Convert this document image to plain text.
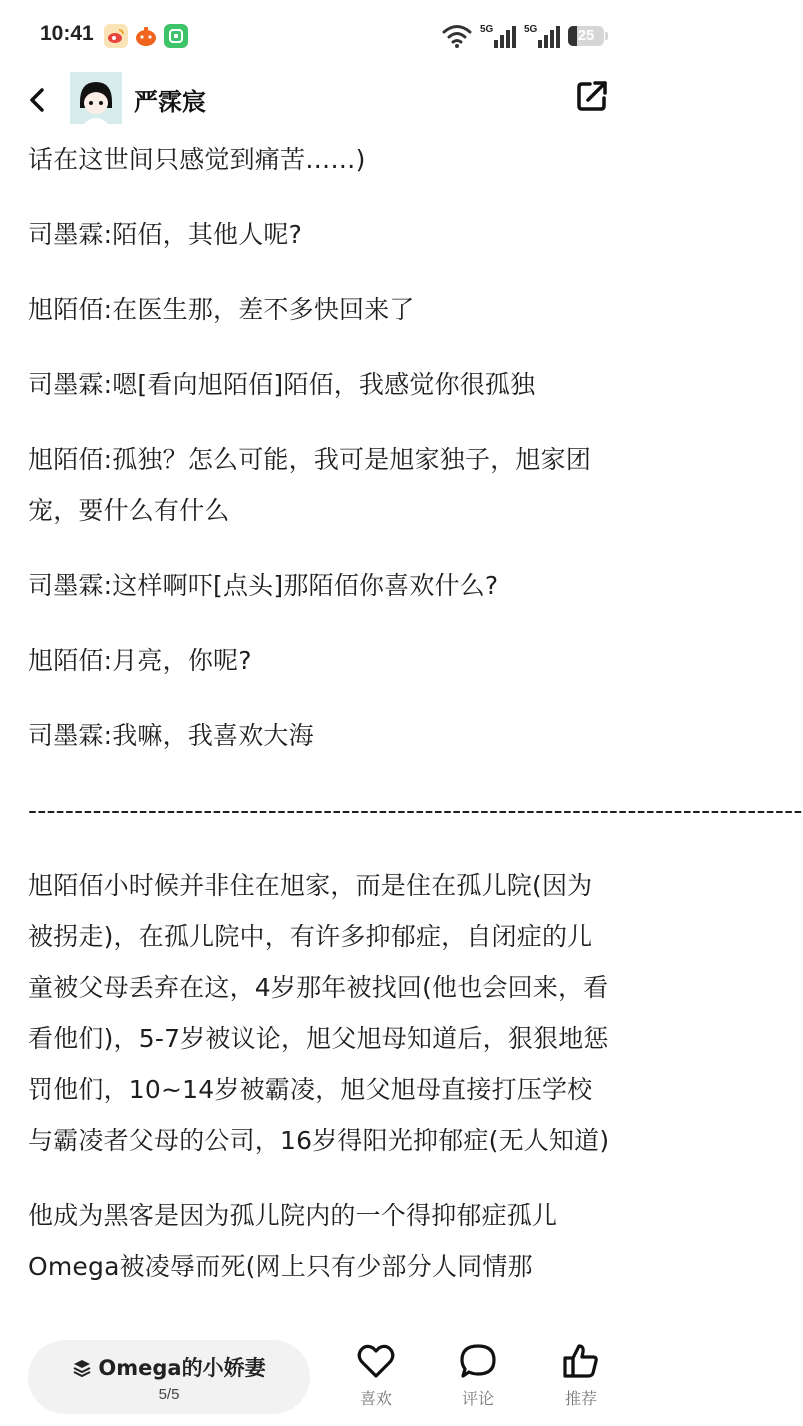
10:41	5G	5G	25
严霂宸

话在这世间只感觉到痛苦……)

司墨霖:陌佰，其他人呢?

旭陌佰:在医生那，差不多快回来了

司墨霖:嗯[看向旭陌佰]陌佰，我感觉你很孤独

旭陌佰:孤独？怎么可能，我可是旭家独子，旭家团宠，要什么有什么

司墨霖:这样啊吓[点头]那陌佰你喜欢什么?

旭陌佰:月亮，你呢?

司墨霖:我嘛，我喜欢大海

------------------------------------------------------------------------------------

旭陌佰小时候并非住在旭家，而是住在孤儿院(因为被拐走)，在孤儿院中，有许多抑郁症，自闭症的儿童被父母丢弃在这，4岁那年被找回(他也会回来，看看他们)，5-7岁被议论，旭父旭母知道后，狠狠地惩罚他们，10~14岁被霸凌，旭父旭母直接打压学校与霸凌者父母的公司，16岁得阳光抑郁症(无人知道)

他成为黑客是因为孤儿院内的一个得抑郁症孤儿Omega被凌辱而死(网上只有少部分人同情那

Omega的小娇妻
5/5	喜欢	评论	推荐
